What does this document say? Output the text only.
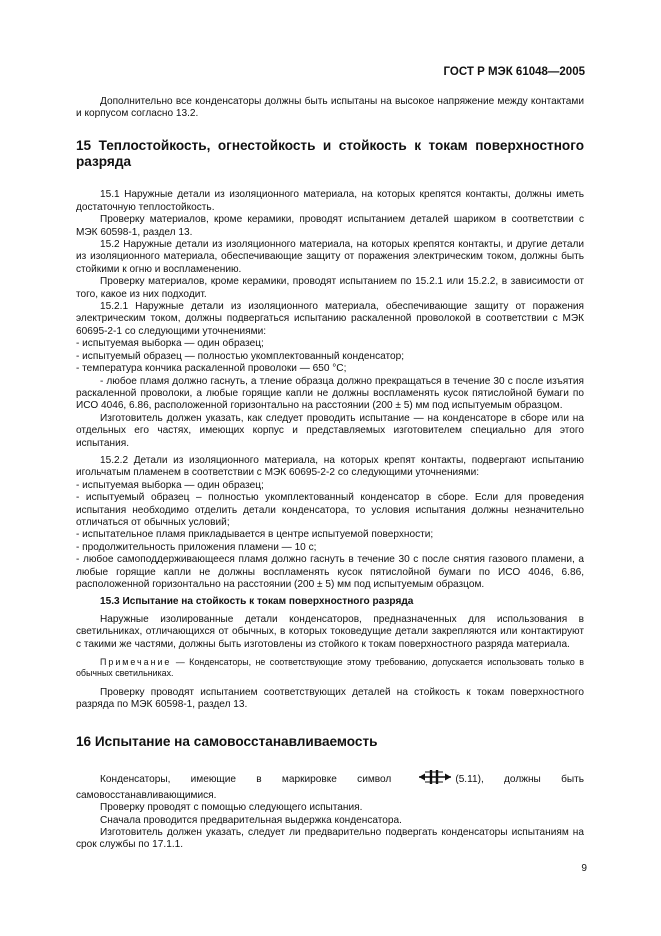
ГОСТ Р МЭК 61048—2005

Дополнительно все конденсаторы должны быть испытаны на высокое напряжение между контактами и корпусом согласно 13.2.

15 Теплостойкость, огнестойкость и стойкость к токам поверхностного разряда

15.1 Наружные детали из изоляционного материала, на которых крепятся контакты, должны иметь достаточную теплостойкость.

Проверку материалов, кроме керамики, проводят испытанием деталей шариком в соответствии с МЭК 60598-1, раздел 13.

15.2 Наружные детали из изоляционного материала, на которых крепятся контакты, и другие детали из изоляционного материала, обеспечивающие защиту от поражения электрическим током, должны быть стойкими к огню и воспламенению.

Проверку материалов, кроме керамики, проводят испытанием по 15.2.1 или 15.2.2, в зависимости от того, какое из них подходит.

15.2.1 Наружные детали из изоляционного материала, обеспечивающие защиту от поражения электрическим током, должны подвергаться испытанию раскаленной проволокой в соответствии с МЭК 60695-2-1 со следующими уточнениями:

- испытуемая выборка — один образец;

- испытуемый образец — полностью укомплектованный конденсатор;

- температура кончика раскаленной проволоки — 650 °С;

- любое пламя должно гаснуть, а тление образца должно прекращаться в течение 30 с после изъятия раскаленной проволоки, а любые горящие капли не должны воспламенять кусок пятислойной бумаги по ИСО 4046, 6.86, расположенной горизонтально на расстоянии (200 ± 5) мм под испытуемым образцом.

Изготовитель должен указать, как следует проводить испытание — на конденсаторе в сборе или на отдельных его частях, имеющих корпус и представляемых изготовителем специально для этого испытания.

15.2.2 Детали из изоляционного материала, на которых крепят контакты, подвергают испытанию игольчатым пламенем в соответствии с МЭК 60695-2-2 со следующими уточнениями:

- испытуемая выборка — один образец;

- испытуемый образец – полностью укомплектованный конденсатор в сборе. Если для проведения испытания необходимо отделить детали конденсатора, то условия испытания должны незначительно отличаться от обычных условий;

- испытательное пламя прикладывается в центре испытуемой поверхности;

- продолжительность приложения пламени — 10 с;

- любое самоподдерживающееся пламя должно гаснуть в течение 30 с после снятия газового пламени, а любые горящие капли не должны воспламенять кусок пятислойной бумаги по ИСО 4046, 6.86, расположенной горизонтально на расстоянии (200 ± 5) мм под испытуемым образцом.

15.3 Испытание на стойкость к токам поверхностного разряда

Наружные изолированные детали конденсаторов, предназначенных для использования в светильниках, отличающихся от обычных, в которых токоведущие детали закрепляются или контактируют с такими же частями, должны быть изготовлены из стойкого к токам поверхностного разряда материала.

Примечание — Конденсаторы, не соответствующие этому требованию, допускается использовать только в обычных светильниках.

Проверку проводят испытанием соответствующих деталей на стойкость к токам поверхностного разряда по МЭК 60598-1, раздел 13.

16 Испытание на самовосстанавливаемость

Конденсаторы, имеющие в маркировке символ	(5.11), должны быть самовосстанавливающимися.

Проверку проводят с помощью следующего испытания.

Сначала проводится предварительная выдержка конденсатора.

Изготовитель должен указать, следует ли предварительно подвергать конденсаторы испытаниям на срок службы по 17.1.1.

9
